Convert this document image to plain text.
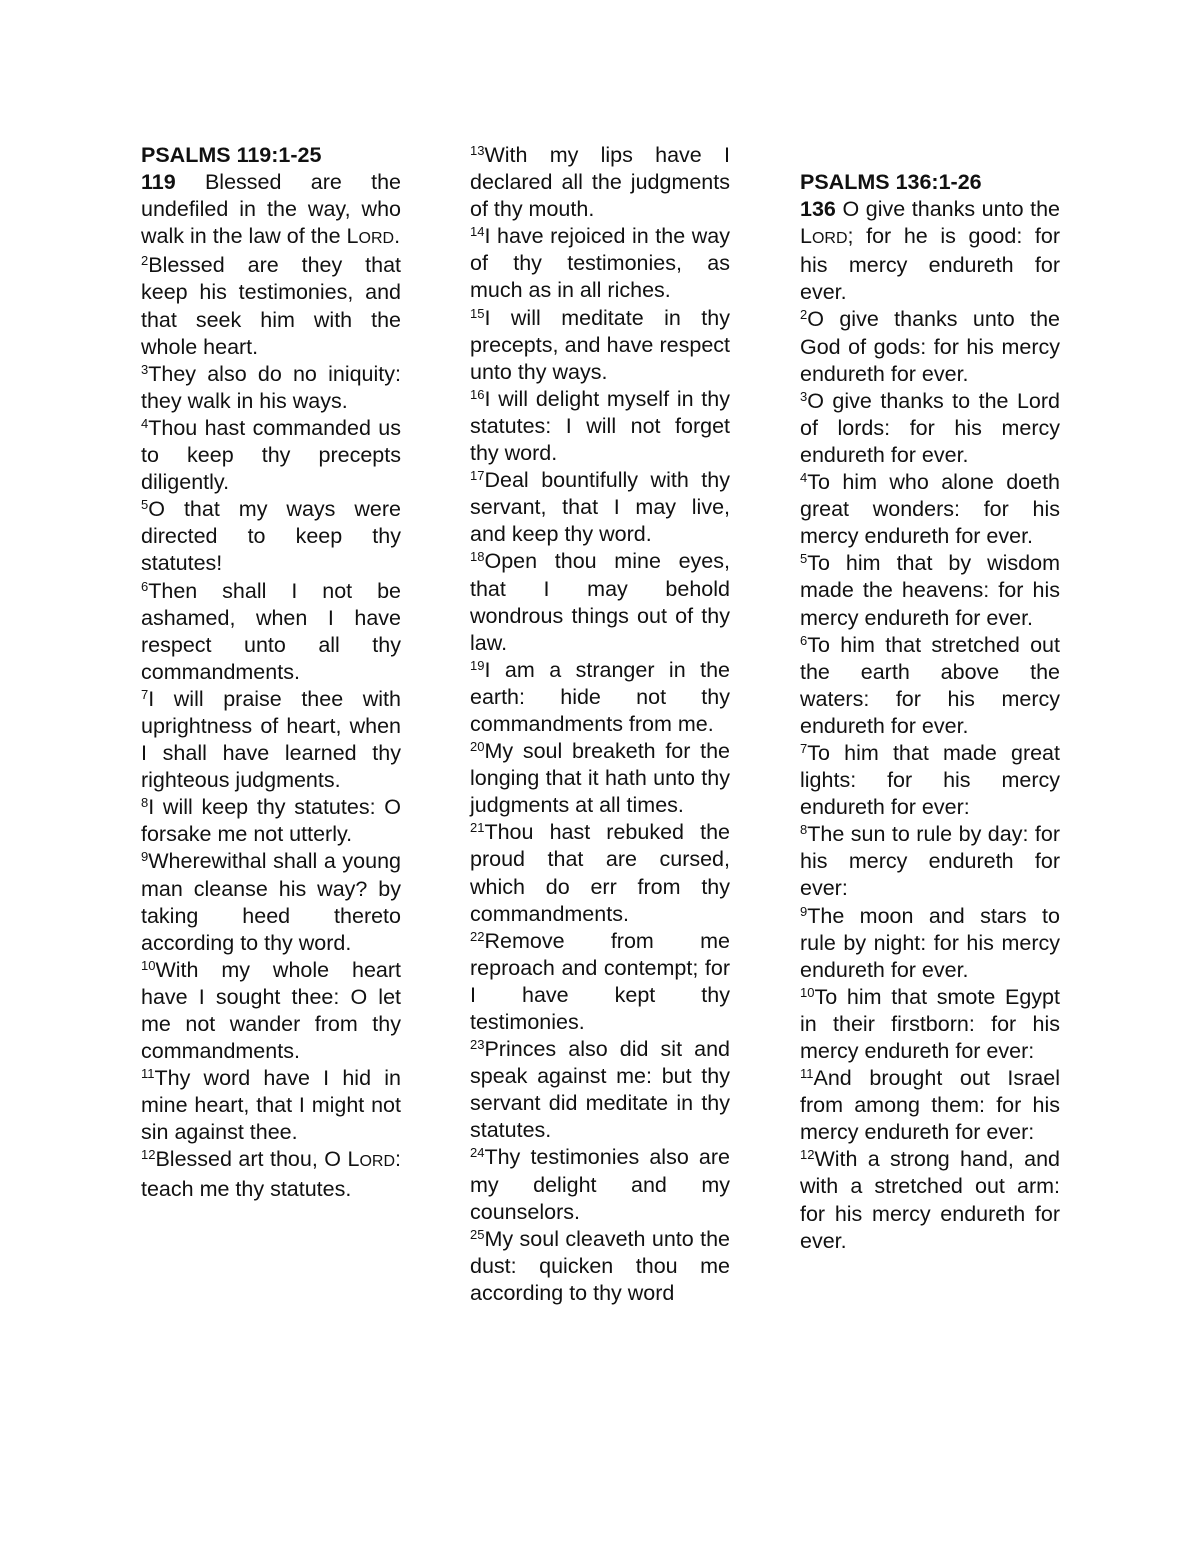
PSALMS 119:1-25
119 Blessed are the undefiled in the way, who walk in the law of the LORD.
$^2$Blessed are they that keep his testimonies, and that seek him with the whole heart.
$^3$They also do no iniquity: they walk in his ways.
$^4$Thou hast commanded us to keep thy precepts diligently.
$^5$O that my ways were directed to keep thy statutes!
$^6$Then shall I not be ashamed, when I have respect unto all thy commandments.
$^7$I will praise thee with uprightness of heart, when I shall have learned thy righteous judgments.
$^8$I will keep thy statutes: O forsake me not utterly.
$^9$Wherewithal shall a young man cleanse his way? by taking heed thereto according to thy word.
$^{10}$With my whole heart have I sought thee: O let me not wander from thy commandments.
$^{11}$Thy word have I hid in mine heart, that I might not sin against thee.
$^{12}$Blessed art thou, O LORD: teach me thy statutes.
$^{13}$With my lips have I declared all the judgments of thy mouth.
$^{14}$I have rejoiced in the way of thy testimonies, as much as in all riches.
$^{15}$I will meditate in thy precepts, and have respect unto thy ways.
$^{16}$I will delight myself in thy statutes: I will not forget thy word.
$^{17}$Deal bountifully with thy servant, that I may live, and keep thy word.
$^{18}$Open thou mine eyes, that I may behold wondrous things out of thy law.
$^{19}$I am a stranger in the earth: hide not thy commandments from me.
$^{20}$My soul breaketh for the longing that it hath unto thy judgments at all times.
$^{21}$Thou hast rebuked the proud that are cursed, which do err from thy commandments.
$^{22}$Remove from me reproach and contempt; for I have kept thy testimonies.
$^{23}$Princes also did sit and speak against me: but thy servant did meditate in thy statutes.
$^{24}$Thy testimonies also are my delight and my counselors.
$^{25}$My soul cleaveth unto the dust: quicken thou me according to thy word
PSALMS 136:1-26
136 O give thanks unto the LORD; for he is good: for his mercy endureth for ever.
$^2$O give thanks unto the God of gods: for his mercy endureth for ever.
$^3$O give thanks to the Lord of lords: for his mercy endureth for ever.
$^4$To him who alone doeth great wonders: for his mercy endureth for ever.
$^5$To him that by wisdom made the heavens: for his mercy endureth for ever.
$^6$To him that stretched out the earth above the waters: for his mercy endureth for ever.
$^7$To him that made great lights: for his mercy endureth for ever:
$^8$The sun to rule by day: for his mercy endureth for ever:
$^9$The moon and stars to rule by night: for his mercy endureth for ever.
$^{10}$To him that smote Egypt in their firstborn: for his mercy endureth for ever:
$^{11}$And brought out Israel from among them: for his mercy endureth for ever:
$^{12}$With a strong hand, and with a stretched out arm: for his mercy endureth for ever.
